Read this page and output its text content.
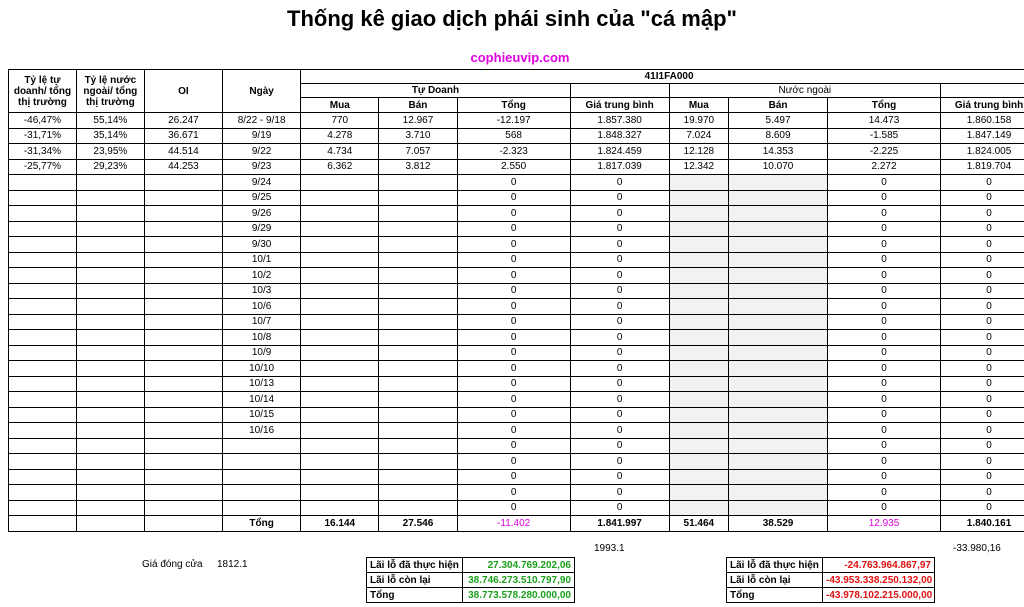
Thống kê giao dịch phái sinh của "cá mập"
cophieuvip.com
Tỷ lệ tự doanh/ tổng thị trường	Tỷ lệ nước ngoài/ tổng thị trường	OI	Ngày	41I1FA000							
				Tự Doanh				Nước ngoài			
				Mua	Bán	Tổng	Giá trung bình	Mua	Bán	Tổng	Giá trung bình
-46,47%	55,14%	26.247	8/22 - 9/18	770	12.967	-12.197	1.857.380	19.970	5.497	14.473	1.860.158
-31,71%	35,14%	36.671	9/19	4.278	3.710	568	1.848.327	7.024	8.609	-1.585	1.847.149
-31,34%	23,95%	44.514	9/22	4.734	7.057	-2.323	1.824.459	12.128	14.353	-2.225	1.824.005
-25,77%	29,23%	44.253	9/23	6.362	3.812	2.550	1.817.039	12.342	10.070	2.272	1.819.704
			9/24			0	0			0	0
			9/25			0	0			0	0
			9/26			0	0			0	0
			9/29			0	0			0	0
			9/30			0	0			0	0
			10/1			0	0			0	0
			10/2			0	0			0	0
			10/3			0	0			0	0
			10/6			0	0			0	0
			10/7			0	0			0	0
			10/8			0	0			0	0
			10/9			0	0			0	0
			10/10			0	0			0	0
			10/13			0	0			0	0
			10/14			0	0			0	0
			10/15			0	0			0	0
			10/16			0	0			0	0
						0	0			0	0
						0	0			0	0
						0	0			0	0
						0	0			0	0
						0	0			0	0
			Tổng	16.144	27.546	-11.402	1.841.997	51.464	38.529	12.935	1.840.161
1993.1	-33.980,16
Giá đóng cửa 1812.1	Lãi lỗ đã thực hiện	27.304.769.202,06
Lãi lỗ còn lại	38.746.273.510.797,90
Tổng	38.773.578.280.000,00
Lãi lỗ đã thực hiện	-24.763.964.867,97
Lãi lỗ còn lại	-43.953.338.250.132,00
Tổng	-43.978.102.215.000,00
